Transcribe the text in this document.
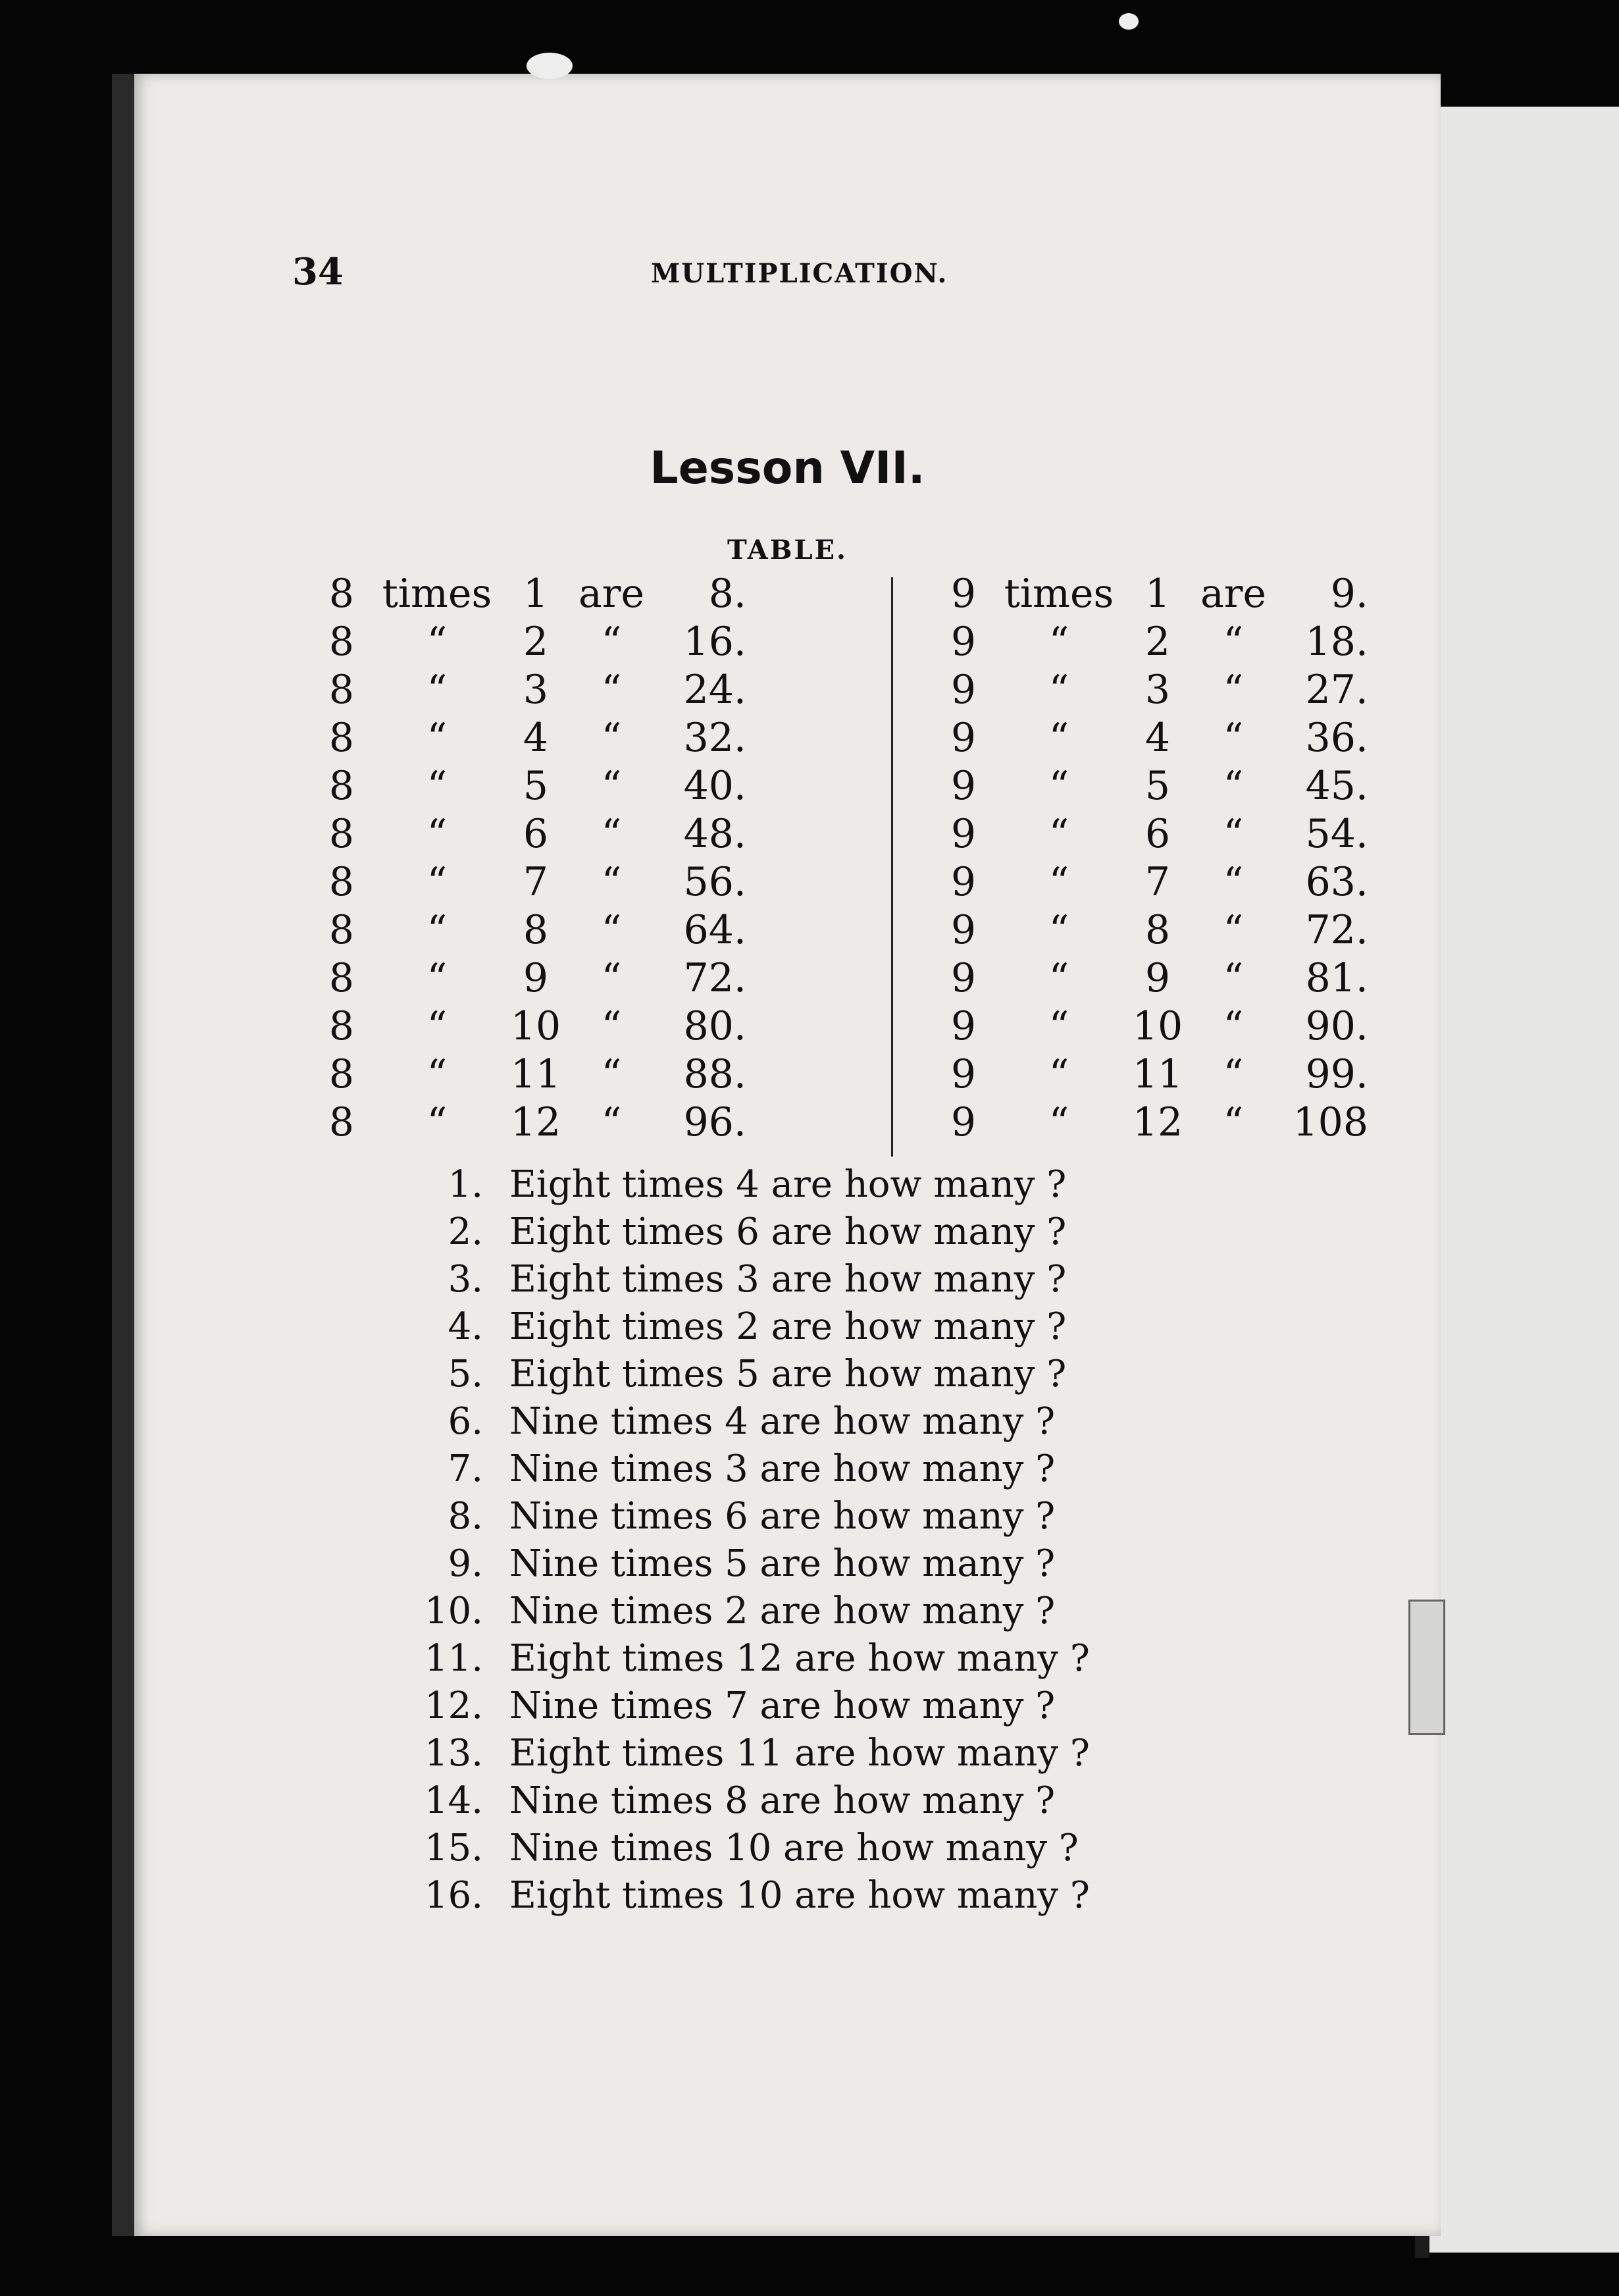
34	MULTIPLICATION.
Lesson VII.
TABLE.
8 times 1 are	8.
8	“	2	“	16.
8	“	3	“	24.
8	“	4	“	32.
8	“	5	“	40.
8	“	6	“	48.
8	“	7	“	56.
8	“	8	“	64.
8	“	9	“	72.
8	“	10	“	80.
8	“	11	“	88.
8	“	12	“	96.
9 times 1 are	9.
9	“	2	“	18.
9	“	3	“	27.
9	“	4	“	36.
9	“	5	“	45.
9	“	6	“	54.
9	“	7	“	63.
9	“	8	“	72.
9	“	9	“	81.
9	“	10	“	90.
9	“	11	“	99.
9	“	12	“	108
1. Eight times 4 are how many ?
2. Eight times 6 are how many ?
3. Eight times 3 are how many ?
4. Eight times 2 are how many ?
5. Eight times 5 are how many ?
6. Nine times 4 are how many ?
7. Nine times 3 are how many ?
8. Nine times 6 are how many ?
9. Nine times 5 are how many ?
10. Nine times 2 are how many ?
11. Eight times 12 are how many ?
12. Nine times 7 are how many ?
13. Eight times 11 are how many ?
14. Nine times 8 are how many ?
15. Nine times 10 are how many ?
16. Eight times 10 are how many ?
